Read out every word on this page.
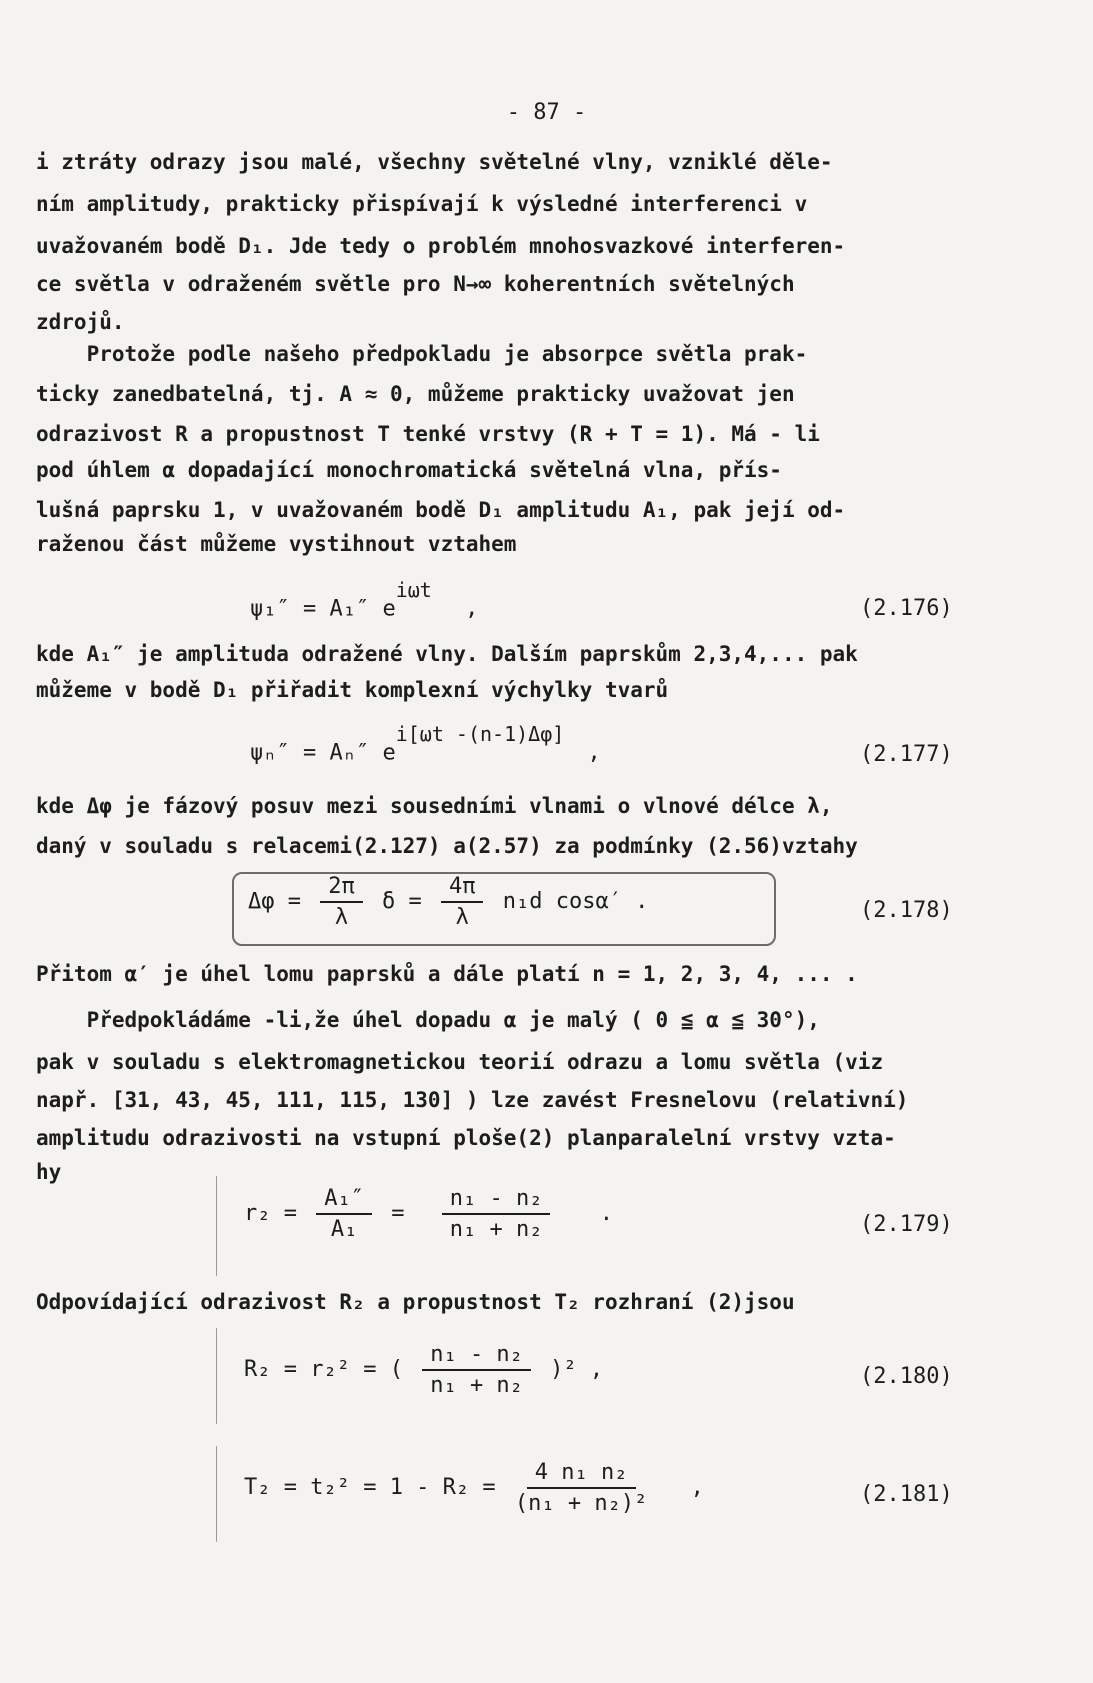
- 87 -
i ztráty odrazy jsou malé, všechny světelné vlny, vzniklé děle-
ním amplitudy, prakticky přispívají k výsledné interferenci v
uvažovaném bodě D₁. Jde tedy o problém mnohosvazkové interferen-
ce světla v odraženém světle pro N→∞ koherentních světelných
zdrojů.
Protože podle našeho předpokladu je absorpce světla prak-
ticky zanedbatelná, tj. A ≈ 0, můžeme prakticky uvažovat jen
odrazivost R a propustnost T tenké vrstvy (R + T = 1). Má - li
pod úhlem α dopadající monochromatická světelná vlna, přís-
lušná paprsku 1, v uvažovaném bodě D₁ amplitudu A₁, pak její od-
raženou část můžeme vystihnout vztahem
ψ₁″ = A₁″ $e^{i\omega t}$ ,	(2.176)
kde A₁″ je amplituda odražené vlny. Dalším paprskům 2,3,4,... pak
můžeme v bodě D₁ přiřadit komplexní výchylky tvarů
ψₙ″ = Aₙ″ $e^{i[\omega t -(n-1)\Delta\varphi]}$ ,	(2.177)
kde Δφ je fázový posuv mezi sousedními vlnami o vlnové délce λ,
daný v souladu s relacemi(2.127) a(2.57) za podmínky (2.56)vztahy
$\Delta\varphi = \frac{2\pi}{\lambda}$ $\delta = \frac{4\pi}{\lambda} n_1d$ cosα′ .	(2.178)
Přitom α′ je úhel lomu paprsků a dále platí n = 1, 2, 3, 4, ... .
Předpokládáme -li,že úhel dopadu α je malý ( 0 ≦ α ≦ 30°),
pak v souladu s elektromagnetickou teorií odrazu a lomu světla (viz
např. [31, 43, 45, 111, 115, 130] ) lze zavést Fresnelovu (relativní)
amplitudu odrazivosti na vstupní ploše(2) planparalelní vrstvy vzta-
hy
$r_2 = \frac{\text{A₁″}}{\text{A₁}} = \frac{\text{n₁ - n₂}}{\text{n₁ + n₂}}$ .	(2.179)
Odpovídající odrazivost R₂ a propustnost T₂ rozhraní (2)jsou
R₂ = r₂² = ( $\frac{\text{n₁ - n₂}}{\text{n₁ + n₂}} )^2$ ,	(2.180)
$T_2 = t_2^2 = 1 - R_2 = \frac{\text{4 n₁ n₂}}{\text{(n₁ + n₂)²}}$ ,	(2.181)
